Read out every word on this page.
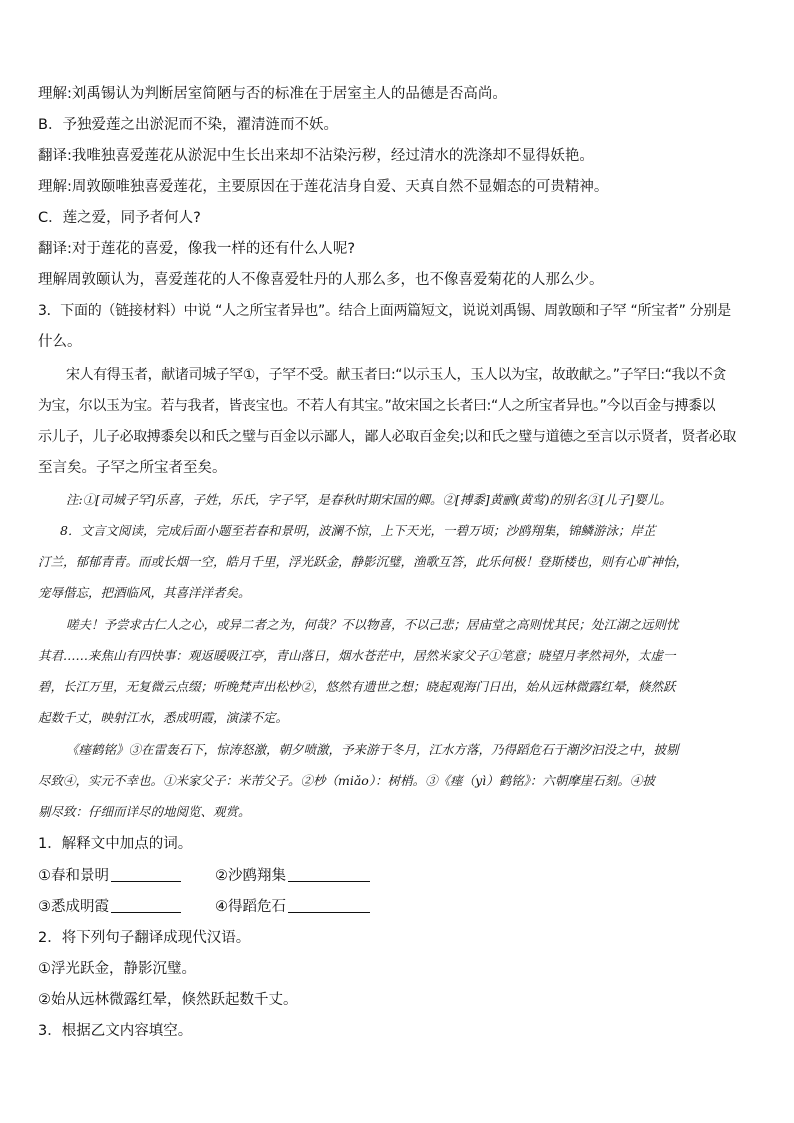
理解:刘禹锡认为判断居室简陋与否的标准在于居室主人的品德是否高尚。
B．予独爱莲之出淤泥而不染，濯清涟而不妖。
翻译:我唯独喜爱莲花从淤泥中生长出来却不沾染污秽，经过清水的洗涤却不显得妖艳。
理解:周敦颐唯独喜爱莲花，主要原因在于莲花洁身自爱、天真自然不显媚态的可贵精神。
C．莲之爱，同予者何人?
翻译:对于莲花的喜爱，像我一样的还有什么人呢?
理解周敦颐认为，喜爱莲花的人不像喜爱牡丹的人那么多，也不像喜爱菊花的人那么少。
3．下面的（链接材料）中说 “人之所宝者异也”。结合上面两篇短文，说说刘禹锡、周敦颐和子罕 “所宝者” 分别是
什么。
宋人有得玉者，献诸司城子罕①，子罕不受。献玉者曰:“以示玉人，玉人以为宝，故敢献之。”子罕曰:“我以不贪
为宝，尔以玉为宝。若与我者，皆丧宝也。不若人有其宝。”故宋国之长者曰:“人之所宝者异也。”今以百金与搏黍以
示儿子，儿子必取搏黍矣以和氏之璧与百金以示鄙人，鄙人必取百金矣;以和氏之璧与道德之至言以示贤者，贤者必取
至言矣。子罕之所宝者至矣。
注:①[司城子罕]乐喜，子姓，乐氏，字子罕，是春秋时期宋国的卿。②[搏黍]黄鹂(黄莺)的别名③[儿子]婴儿。
8．文言文阅读，完成后面小题至若春和景明，波澜不惊，上下天光，一碧万顷；沙鸥翔集，锦鳞游泳；岸芷
汀兰，郁郁青青。而或长烟一空，皓月千里，浮光跃金，静影沉璧，渔歌互答，此乐何极！登斯楼也，则有心旷神怡，
宠辱偕忘，把酒临风，其喜洋洋者矣。
嗟夫！予尝求古仁人之心，或异二者之为，何哉？不以物喜，不以己悲；居庙堂之高则忧其民；处江湖之远则忧
其君……来焦山有四快事：观返暖吸江亭，青山落日，烟水苍茫中，居然米家父子①笔意；晓望月孝然祠外，太虚一
碧，长江万里，无复微云点缀；听晚梵声出松杪②，悠然有遗世之想；晓起观海门日出，始从远林微露红晕，倏然跃
起数千丈，映射江水，悉成明霞，演漾不定。
《瘗鹤铭》③在雷轰石下，惊涛怒激，朝夕喷激，予来游于冬月，江水方落，乃得蹈危石于潮汐汩没之中，披剔
尽致④，实元不幸也。①米家父子：米芾父子。②杪（miǎo）：树梢。③《瘗（yì）鹤铭》：六朝摩崖石刻。④披
剔尽致：仔细而详尽的地阅览、观赏。
1．解释文中加点的词。
①春和景明	②沙鸥翔集
③悉成明霞	④得蹈危石
2．将下列句子翻译成现代汉语。
①浮光跃金，静影沉璧。
②始从远林微露红晕，倏然跃起数千丈。
3．根据乙文内容填空。
